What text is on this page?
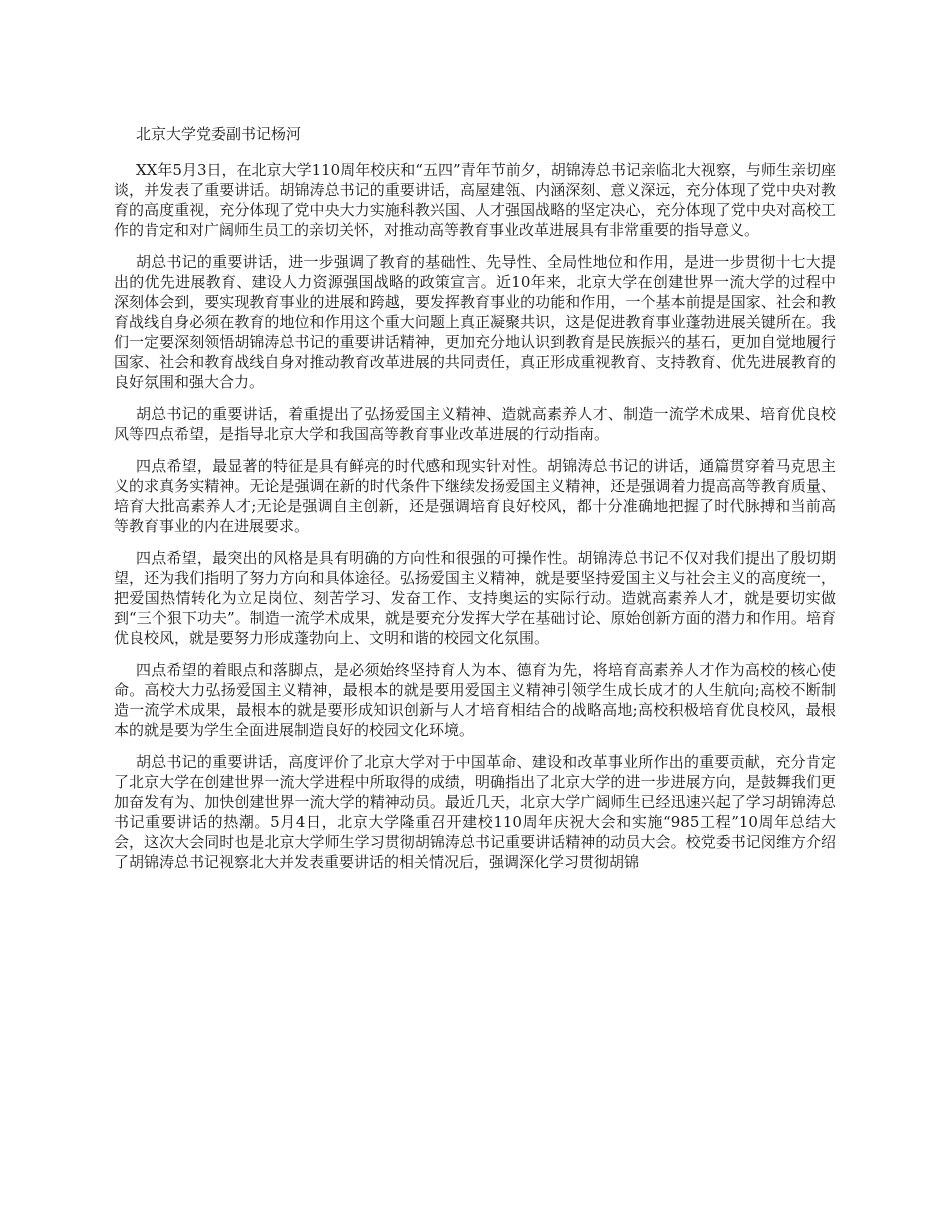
北京大学党委副书记杨河

XX年5月3日，在北京大学110周年校庆和“五四”青年节前夕，胡锦涛总书记亲临北大视察，与师生亲切座谈，并发表了重要讲话。胡锦涛总书记的重要讲话，高屋建瓴、内涵深刻、意义深远，充分体现了党中央对教育的高度重视，充分体现了党中央大力实施科教兴国、人才强国战略的坚定决心，充分体现了党中央对高校工作的肯定和对广阔师生员工的亲切关怀，对推动高等教育事业改革进展具有非常重要的指导意义。

胡总书记的重要讲话，进一步强调了教育的基础性、先导性、全局性地位和作用，是进一步贯彻十七大提出的优先进展教育、建设人力资源强国战略的政策宣言。近10年来，北京大学在创建世界一流大学的过程中深刻体会到，要实现教育事业的进展和跨越，要发挥教育事业的功能和作用，一个基本前提是国家、社会和教育战线自身必须在教育的地位和作用这个重大问题上真正凝聚共识，这是促进教育事业蓬勃进展关键所在。我们一定要深刻领悟胡锦涛总书记的重要讲话精神，更加充分地认识到教育是民族振兴的基石，更加自觉地履行国家、社会和教育战线自身对推动教育改革进展的共同责任，真正形成重视教育、支持教育、优先进展教育的良好氛围和强大合力。

胡总书记的重要讲话，着重提出了弘扬爱国主义精神、造就高素养人才、制造一流学术成果、培育优良校风等四点希望，是指导北京大学和我国高等教育事业改革进展的行动指南。

四点希望，最显著的特征是具有鲜亮的时代感和现实针对性。胡锦涛总书记的讲话，通篇贯穿着马克思主义的求真务实精神。无论是强调在新的时代条件下继续发扬爱国主义精神，还是强调着力提高高等教育质量、培育大批高素养人才;无论是强调自主创新，还是强调培育良好校风，都十分准确地把握了时代脉搏和当前高等教育事业的内在进展要求。

四点希望，最突出的风格是具有明确的方向性和很强的可操作性。胡锦涛总书记不仅对我们提出了殷切期望，还为我们指明了努力方向和具体途径。弘扬爱国主义精神，就是要坚持爱国主义与社会主义的高度统一，把爱国热情转化为立足岗位、刻苦学习、发奋工作、支持奥运的实际行动。造就高素养人才，就是要切实做到“三个狠下功夫”。制造一流学术成果，就是要充分发挥大学在基础讨论、原始创新方面的潜力和作用。培育优良校风，就是要努力形成蓬勃向上、文明和谐的校园文化氛围。

四点希望的着眼点和落脚点，是必须始终坚持育人为本、德育为先，将培育高素养人才作为高校的核心使命。高校大力弘扬爱国主义精神，最根本的就是要用爱国主义精神引领学生成长成才的人生航向;高校不断制造一流学术成果，最根本的就是要形成知识创新与人才培育相结合的战略高地;高校积极培育优良校风，最根本的就是要为学生全面进展制造良好的校园文化环境。

胡总书记的重要讲话，高度评价了北京大学对于中国革命、建设和改革事业所作出的重要贡献，充分肯定了北京大学在创建世界一流大学进程中所取得的成绩，明确指出了北京大学的进一步进展方向，是鼓舞我们更加奋发有为、加快创建世界一流大学的精神动员。最近几天，北京大学广阔师生已经迅速兴起了学习胡锦涛总书记重要讲话的热潮。5月4日，北京大学隆重召开建校110周年庆祝大会和实施“985工程”10周年总结大会，这次大会同时也是北京大学师生学习贯彻胡锦涛总书记重要讲话精神的动员大会。校党委书记闵维方介绍了胡锦涛总书记视察北大并发表重要讲话的相关情况后，强调深化学习贯彻胡锦
